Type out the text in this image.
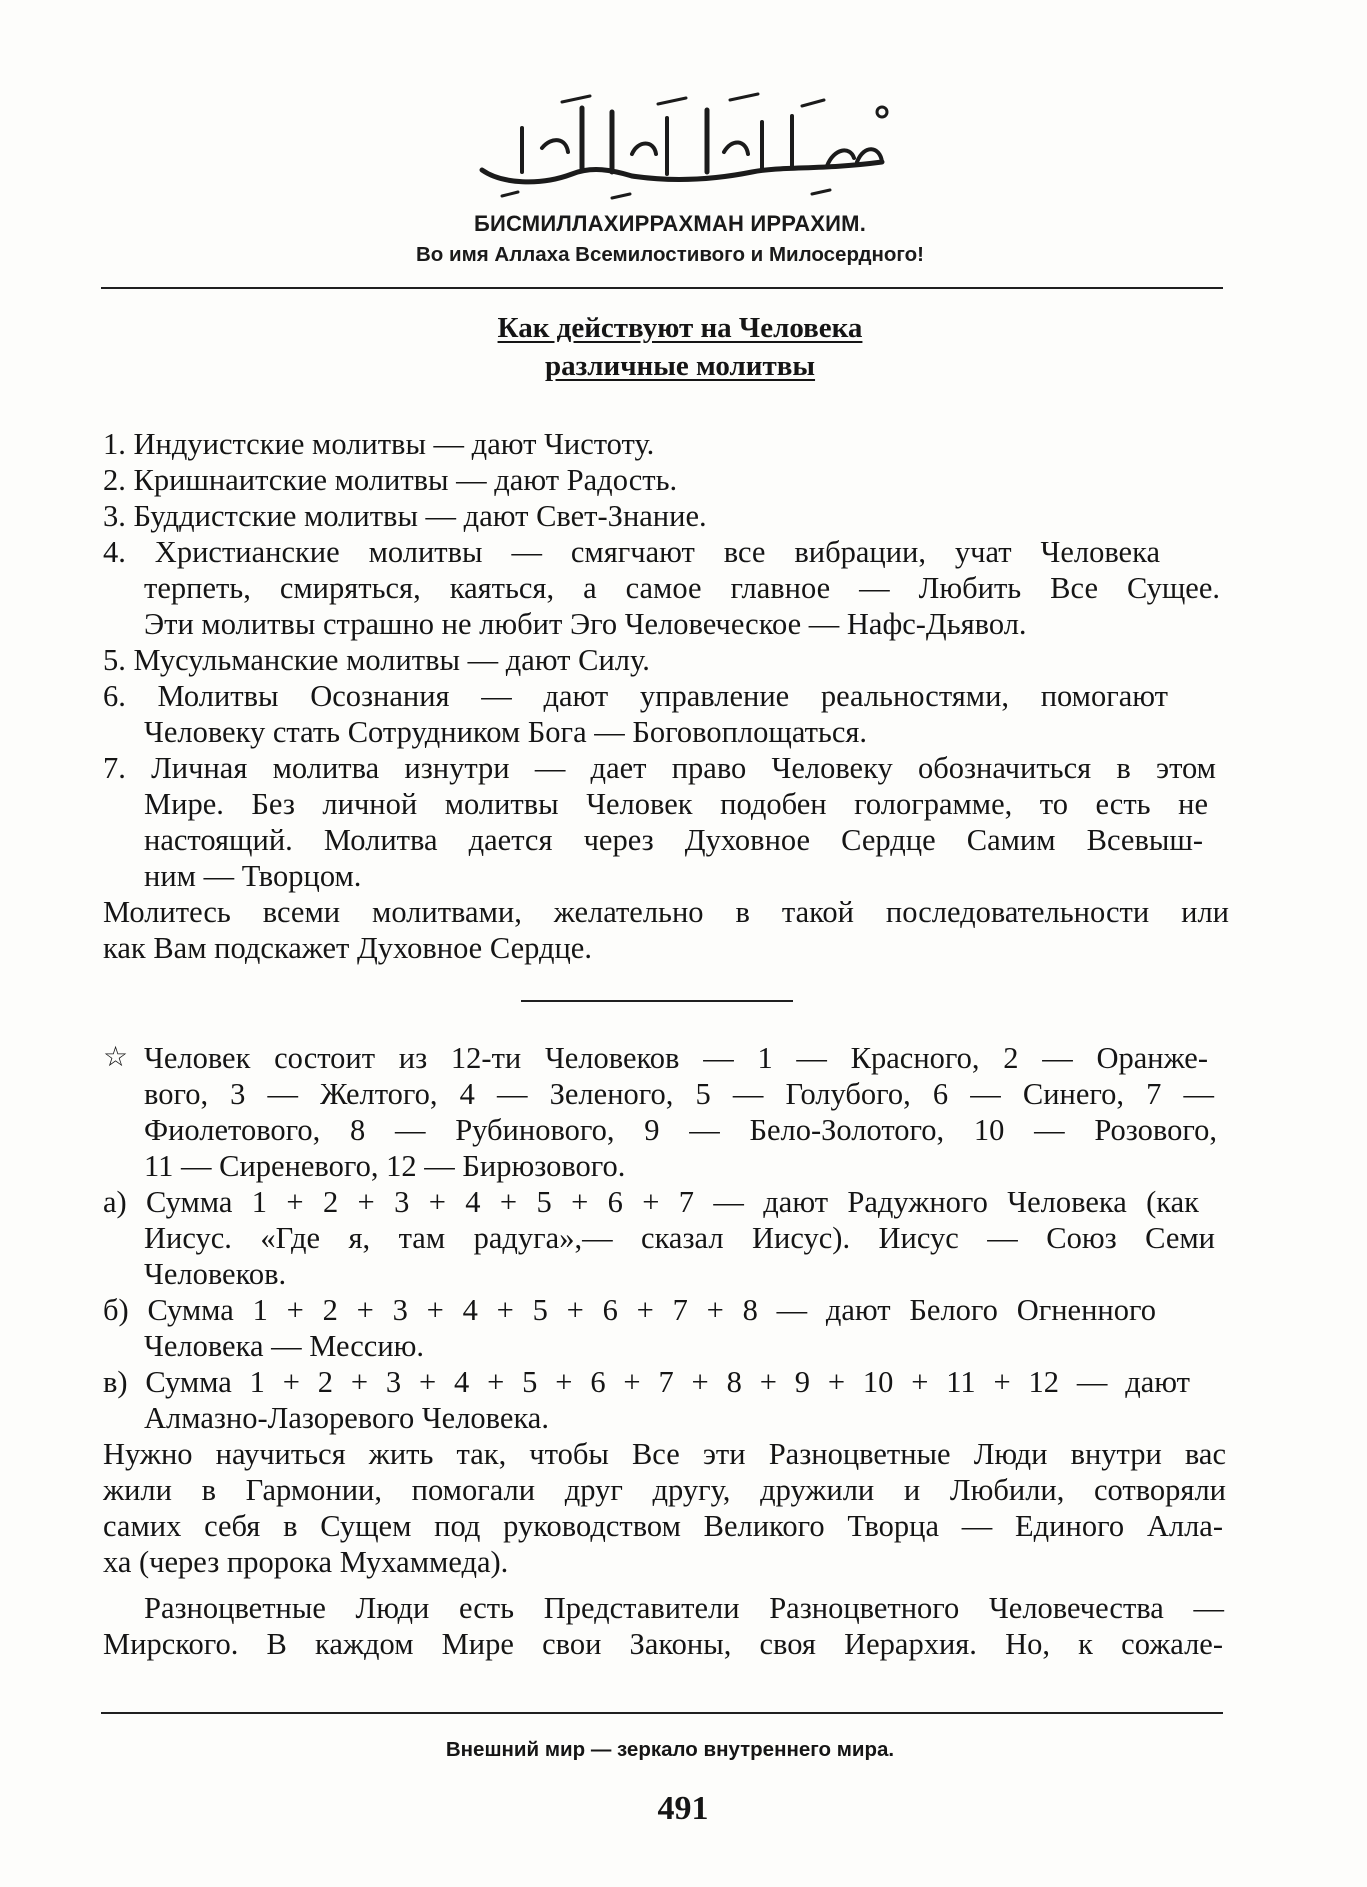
БИСМИЛЛАХИРРАХМАН ИРРАХИМ.
Во имя Аллаха Всемилостивого и Милосердного!
Как действуют на Человека
различные молитвы
1. Индуистские молитвы — дают Чистоту.
2. Кришнаитские молитвы — дают Радость.
3. Буддистские молитвы — дают Свет-Знание.
4. Христианские молитвы — смягчают все вибрации, учат Человека
терпеть, смиряться, каяться, а самое главное — Любить Все Сущее.
Эти молитвы страшно не любит Эго Человеческое — Нафс-Дьявол.
5. Мусульманские молитвы — дают Силу.
6. Молитвы Осознания — дают управление реальностями, помогают
Человеку стать Сотрудником Бога — Боговоплощаться.
7. Личная молитва изнутри — дает право Человеку обозначиться в этом
Мире. Без личной молитвы Человек подобен голограмме, то есть не
настоящий. Молитва дается через Духовное Сердце Самим Всевыш-
ним — Творцом.
Молитесь всеми молитвами, желательно в такой последовательности или
как Вам подскажет Духовное Сердце.
☆ Человек состоит из 12-ти Человеков — 1 — Красного, 2 — Оранже-
вого, 3 — Желтого, 4 — Зеленого, 5 — Голубого, 6 — Синего, 7 —
Фиолетового, 8 — Рубинового, 9 — Бело-Золотого, 10 — Розового,
11 — Сиреневого, 12 — Бирюзового.
а) Сумма 1 + 2 + 3 + 4 + 5 + 6 + 7 — дают Радужного Человека (как
Иисус. «Где я, там радуга»,— сказал Иисус). Иисус — Союз Семи
Человеков.
б) Сумма 1 + 2 + 3 + 4 + 5 + 6 + 7 + 8 — дают Белого Огненного
Человека — Мессию.
в) Сумма 1 + 2 + 3 + 4 + 5 + 6 + 7 + 8 + 9 + 10 + 11 + 12 — дают
Алмазно-Лазоревого Человека.
Нужно научиться жить так, чтобы Все эти Разноцветные Люди внутри вас
жили в Гармонии, помогали друг другу, дружили и Любили, сотворяли
самих себя в Сущем под руководством Великого Творца — Единого Алла-
ха (через пророка Мухаммеда).
Разноцветные Люди есть Представители Разноцветного Человечества —
Мирского. В каждом Мире свои Законы, своя Иерархия. Но, к сожале-
Внешний мир — зеркало внутреннего мира.
491
